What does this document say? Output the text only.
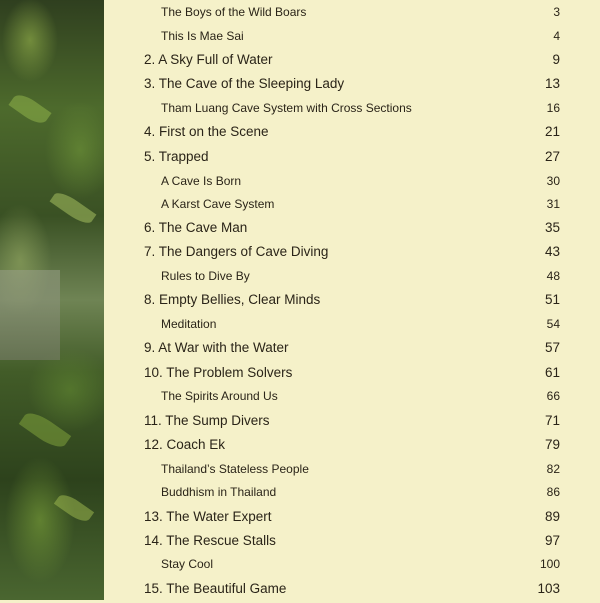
The Boys of the Wild Boars	3
This Is Mae Sai	4
2. A Sky Full of Water	9
3. The Cave of the Sleeping Lady	13
Tham Luang Cave System with Cross Sections	16
4. First on the Scene	21
5. Trapped	27
A Cave Is Born	30
A Karst Cave System	31
6. The Cave Man	35
7. The Dangers of Cave Diving	43
Rules to Dive By	48
8. Empty Bellies, Clear Minds	51
Meditation	54
9. At War with the Water	57
10. The Problem Solvers	61
The Spirits Around Us	66
11. The Sump Divers	71
12. Coach Ek	79
Thailand’s Stateless People	82
Buddhism in Thailand	86
13. The Water Expert	89
14. The Rescue Stalls	97
Stay Cool	100
15. The Beautiful Game	103
